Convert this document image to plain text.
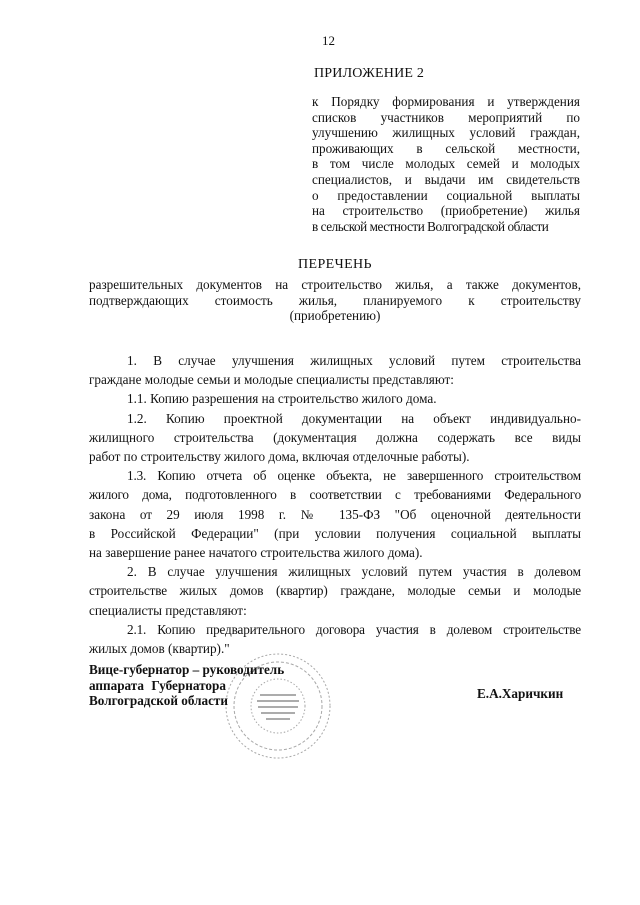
12
ПРИЛОЖЕНИЕ 2
к Порядку формирования и утверждения
списков участников мероприятий по
улучшению жилищных условий граждан,
проживающих в сельской местности,
в том числе молодых семей и молодых
специалистов, и выдачи им свидетельств
о предоставлении социальной выплаты
на строительство (приобретение) жилья
в сельской местности Волгоградской области
ПЕРЕЧЕНЬ
разрешительных документов на строительство жилья, а также документов,
подтверждающих стоимость жилья, планируемого к строительству
(приобретению)
1. В случае улучшения жилищных условий путем строительства
граждане молодые семьи и молодые специалисты представляют:
1.1. Копию разрешения на строительство жилого дома.
1.2. Копию проектной документации на объект индивидуально-
жилищного строительства (документация должна содержать все виды
работ по строительству жилого дома, включая отделочные работы).
1.3. Копию отчета об оценке объекта, не завершенного строительством
жилого дома, подготовленного в соответствии с требованиями Федерального
закона от 29 июля 1998 г. № 135-ФЗ "Об оценочной деятельности
в Российской Федерации" (при условии получения социальной выплаты
на завершение ранее начатого строительства жилого дома).
2. В случае улучшения жилищных условий путем участия в долевом
строительстве жилых домов (квартир) граждане, молодые семьи и молодые
специалисты представляют:
2.1. Копию предварительного договора участия в долевом строительстве
жилых домов (квартир)."
Вице-губернатор – руководитель
аппарата Губернатора
Волгоградской области	Е.А.Харичкин
